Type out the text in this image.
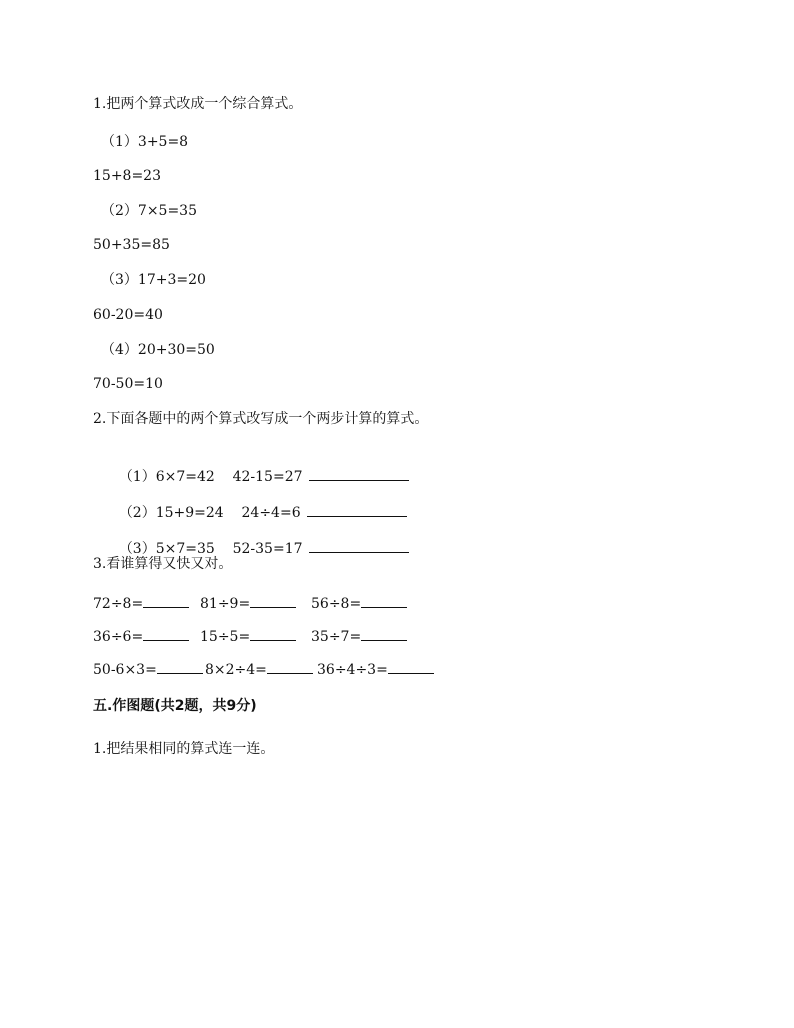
1.把两个算式改成一个综合算式。
（1）3+5=8
15+8=23
（2）7×5=35
50+35=85
（3）17+3=20
60-20=40
（4）20+30=50
70-50=10
2.下面各题中的两个算式改写成一个两步计算的算式。

（1）6×7=42    42-15=27

（2）15+9=24    24÷4=6

（3）5×7=35    52-35=17

3.看谁算得又快又对。
72÷8=	81÷9=	56÷8=
36÷6=	15÷5=	35÷7=
50-6×3=	8×2÷4=	36÷4÷3=
五.作图题(共2题，共9分)
1.把结果相同的算式连一连。
